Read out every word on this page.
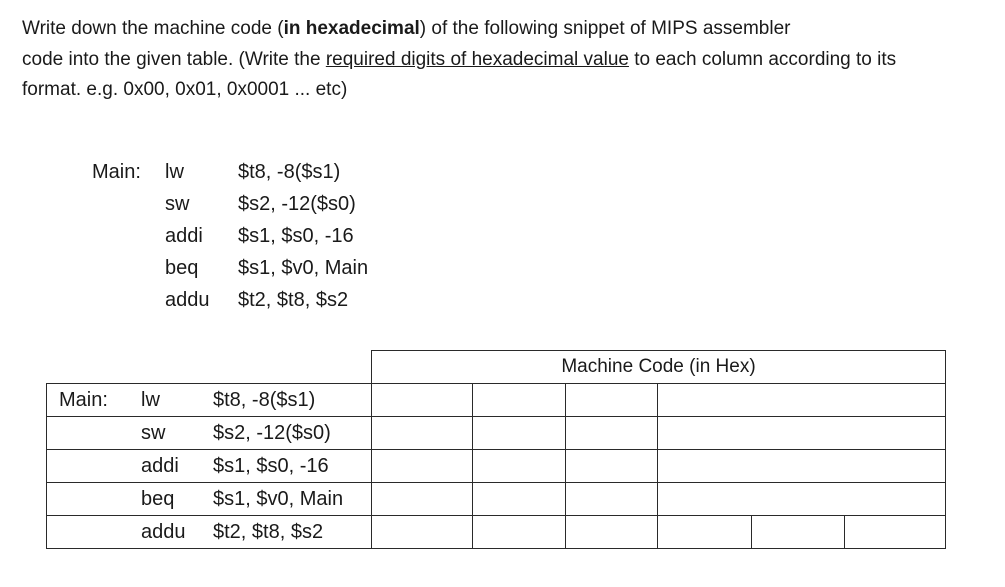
Write down the machine code (in hexadecimal) of the following snippet of MIPS assembler
code into the given table. (Write the required digits of hexadecimal value to each column according to its
format. e.g. 0x00, 0x01, 0x0001 ... etc)
Main:	lw	$t8, -8($s1)
sw	$s2, -12($s0)
addi	$s1, $s0, -16
beq	$s1, $v0, Main
addu	$t2, $t8, $s2
	Machine Code (in Hex)					

Main: lw $t8, -8($s1)						

sw $s2, -12($s0)						

addi $s1, $s0, -16						

beq $s1, $v0, Main						

addu $t2, $t8, $s2						
